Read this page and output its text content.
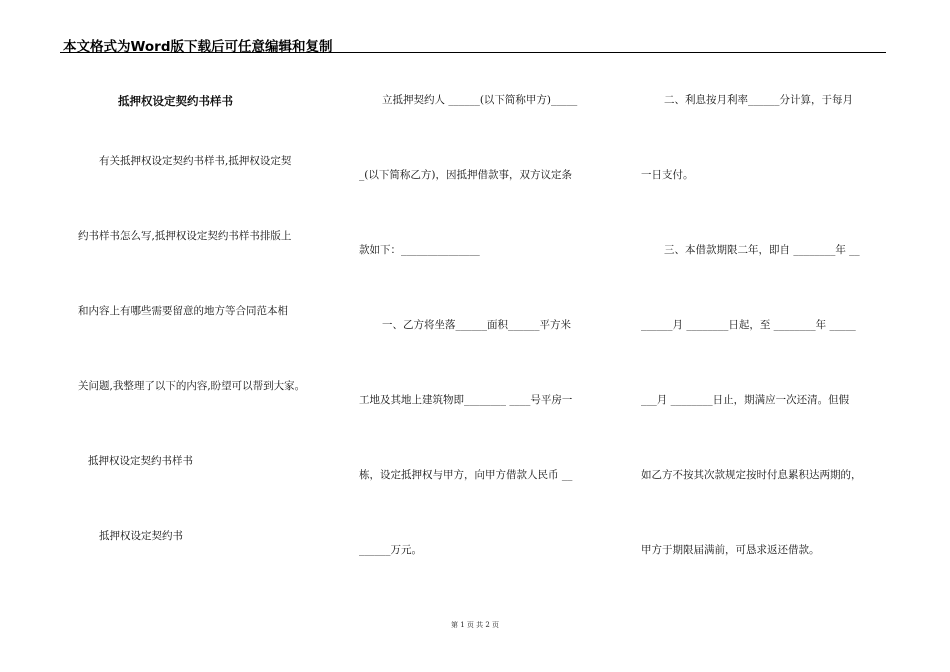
本文格式为Word版下载后可任意编辑和复制
抵押权设定契约书样书
有关抵押权设定契约书样书,抵押权设定契
约书样书怎么写,抵押权设定契约书样书排版上
和内容上有哪些需要留意的地方等合同范本相
关问题,我整理了以下的内容,盼望可以帮到大家。
抵押权设定契约书样书
抵押权设定契约书
立抵押契约人 ______(以下简称甲方)_____
_(以下简称乙方)，因抵押借款事，双方议定条
款如下：_______________
一、乙方将坐落______面积______平方米
工地及其地上建筑物即________ ____号平房一
栋，设定抵押权与甲方，向甲方借款人民币 __
______万元。
二、利息按月利率______分计算，于每月
一日支付。
三、本借款期限二年，即自 ________年 __
______月 ________日起，至 ________年 _____
___月 ________日止，期满应一次还清。但假
如乙方不按其次款规定按时付息累积达两期的，
甲方于期限届满前，可恳求返还借款。
第 1 页 共 2 页
